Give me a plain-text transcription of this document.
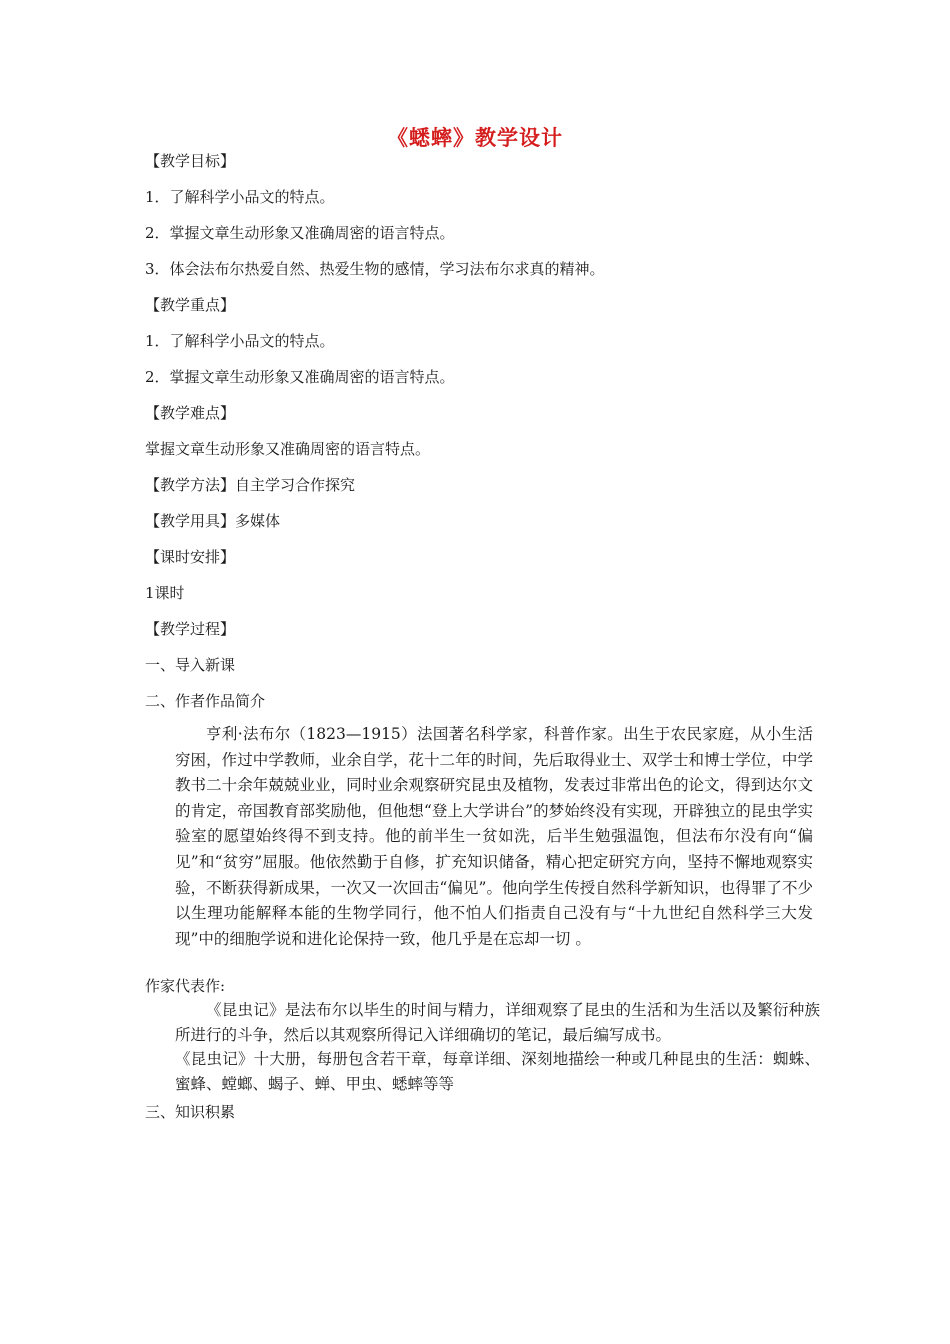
《蟋蟀》教学设计
【教学目标】
1．了解科学小品文的特点。
2．掌握文章生动形象又准确周密的语言特点。
3．体会法布尔热爱自然、热爱生物的感情，学习法布尔求真的精神。
【教学重点】
1．了解科学小品文的特点。
2．掌握文章生动形象又准确周密的语言特点。
【教学难点】
掌握文章生动形象又准确周密的语言特点。
【教学方法】自主学习合作探究
【教学用具】多媒体
【课时安排】
1课时
【教学过程】
一、导入新课
二、作者作品简介
亨利·法布尔（1823—1915）法国著名科学家，科普作家。出生于农民家庭，从小生活穷困，作过中学教师，业余自学，花十二年的时间，先后取得业士、双学士和博士学位，中学教书二十余年兢兢业业，同时业余观察研究昆虫及植物，发表过非常出色的论文，得到达尔文的肯定，帝国教育部奖励他，但他想“登上大学讲台”的梦始终没有实现，开辟独立的昆虫学实验室的愿望始终得不到支持。他的前半生一贫如洗，后半生勉强温饱，但法布尔没有向“偏见”和“贫穷”屈服。他依然勤于自修，扩充知识储备，精心把定研究方向，坚持不懈地观察实验，不断获得新成果，一次又一次回击“偏见”。他向学生传授自然科学新知识，也得罪了不少以生理功能解释本能的生物学同行，他不怕人们指责自己没有与“十九世纪自然科学三大发现”中的细胞学说和进化论保持一致，他几乎是在忘却一切 。
作家代表作:
《昆虫记》是法布尔以毕生的时间与精力，详细观察了昆虫的生活和为生活以及繁衍种族所进行的斗争，然后以其观察所得记入详细确切的笔记，最后编写成书。
《昆虫记》十大册，每册包含若干章，每章详细、深刻地描绘一种或几种昆虫的生活：蜘蛛、蜜蜂、螳螂、蝎子、蝉、甲虫、蟋蟀等等
三、知识积累
